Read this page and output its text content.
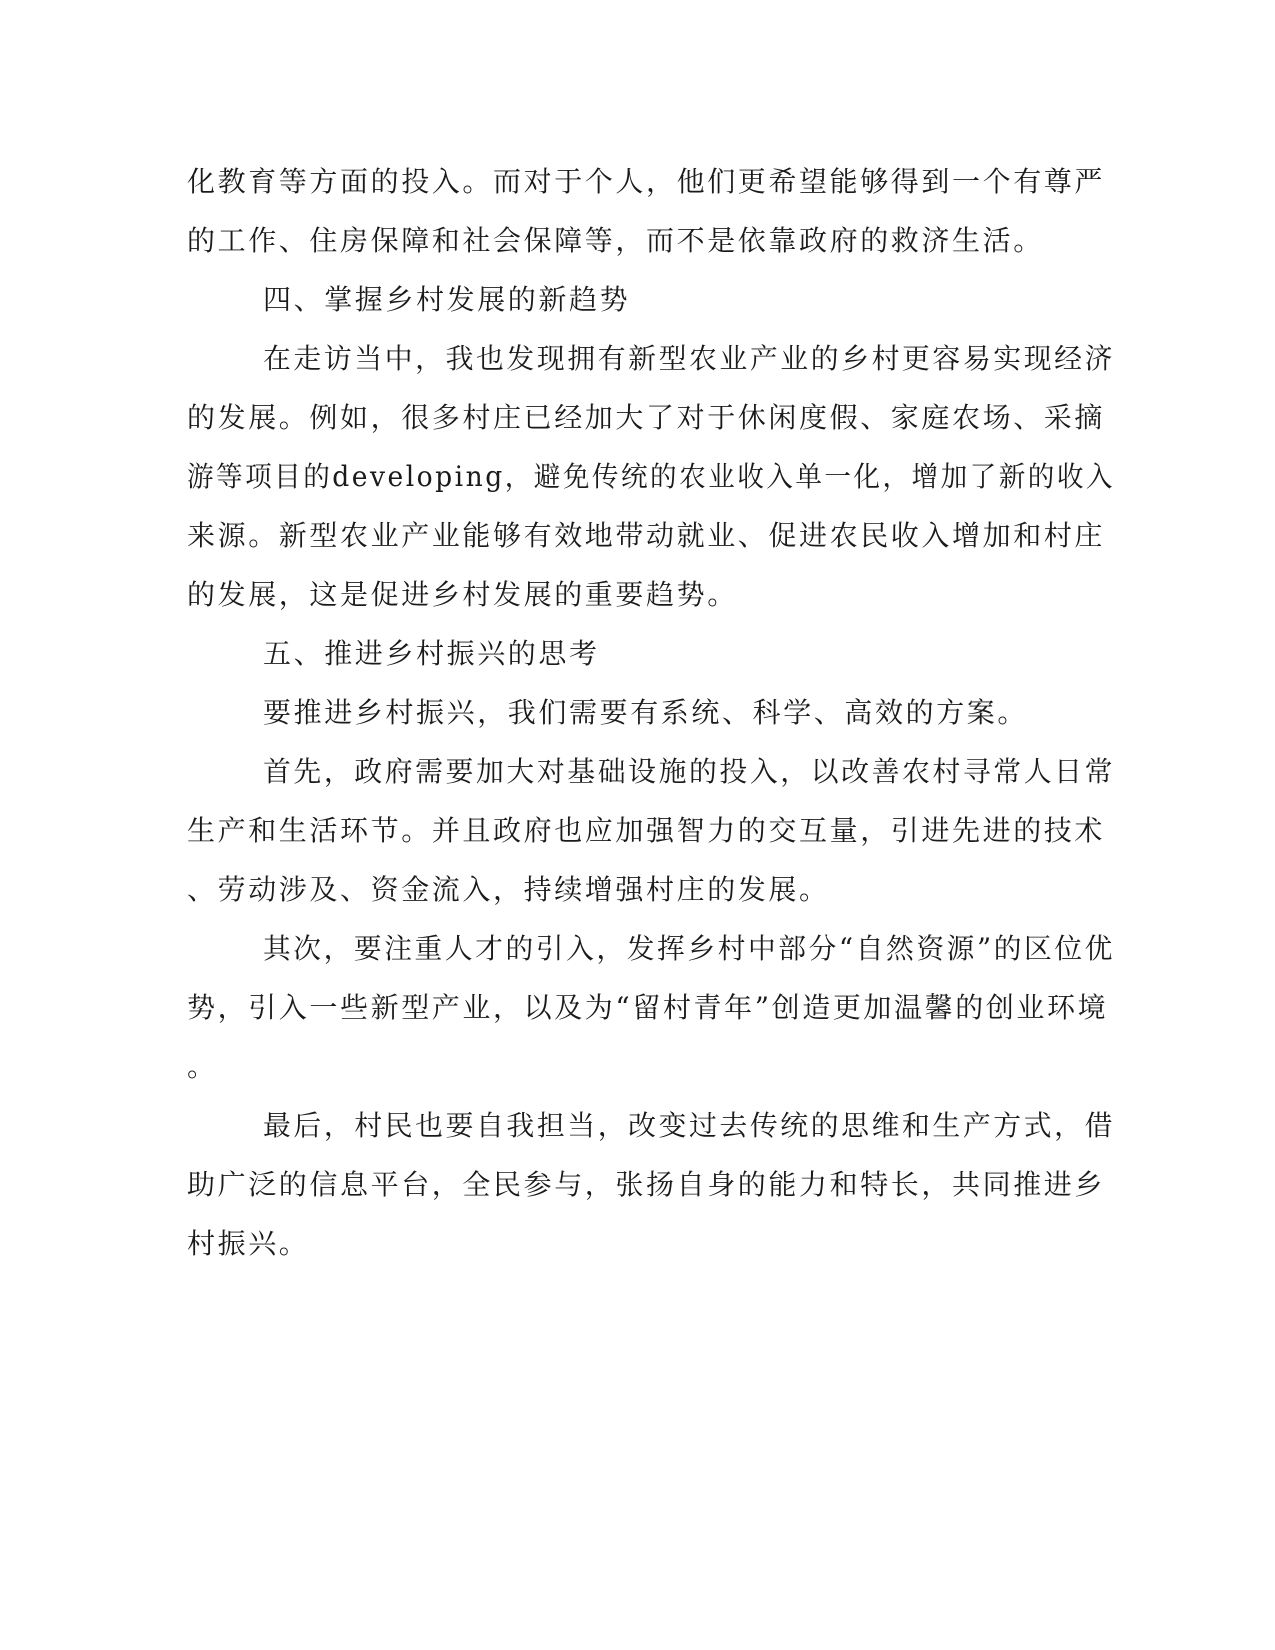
化教育等方面的投入。而对于个人，他们更希望能够得到一个有尊严
的工作、住房保障和社会保障等，而不是依靠政府的救济生活。
四、掌握乡村发展的新趋势
在走访当中，我也发现拥有新型农业产业的乡村更容易实现经济
的发展。例如，很多村庄已经加大了对于休闲度假、家庭农场、采摘
游等项目的developing，避免传统的农业收入单一化，增加了新的收入
来源。新型农业产业能够有效地带动就业、促进农民收入增加和村庄
的发展，这是促进乡村发展的重要趋势。
五、推进乡村振兴的思考
要推进乡村振兴，我们需要有系统、科学、高效的方案。
首先，政府需要加大对基础设施的投入，以改善农村寻常人日常
生产和生活环节。并且政府也应加强智力的交互量，引进先进的技术
、劳动涉及、资金流入，持续增强村庄的发展。
其次，要注重人才的引入，发挥乡村中部分“自然资源”的区位优
势，引入一些新型产业，以及为“留村青年”创造更加温馨的创业环境
。
最后，村民也要自我担当，改变过去传统的思维和生产方式，借
助广泛的信息平台，全民参与，张扬自身的能力和特长，共同推进乡
村振兴。
